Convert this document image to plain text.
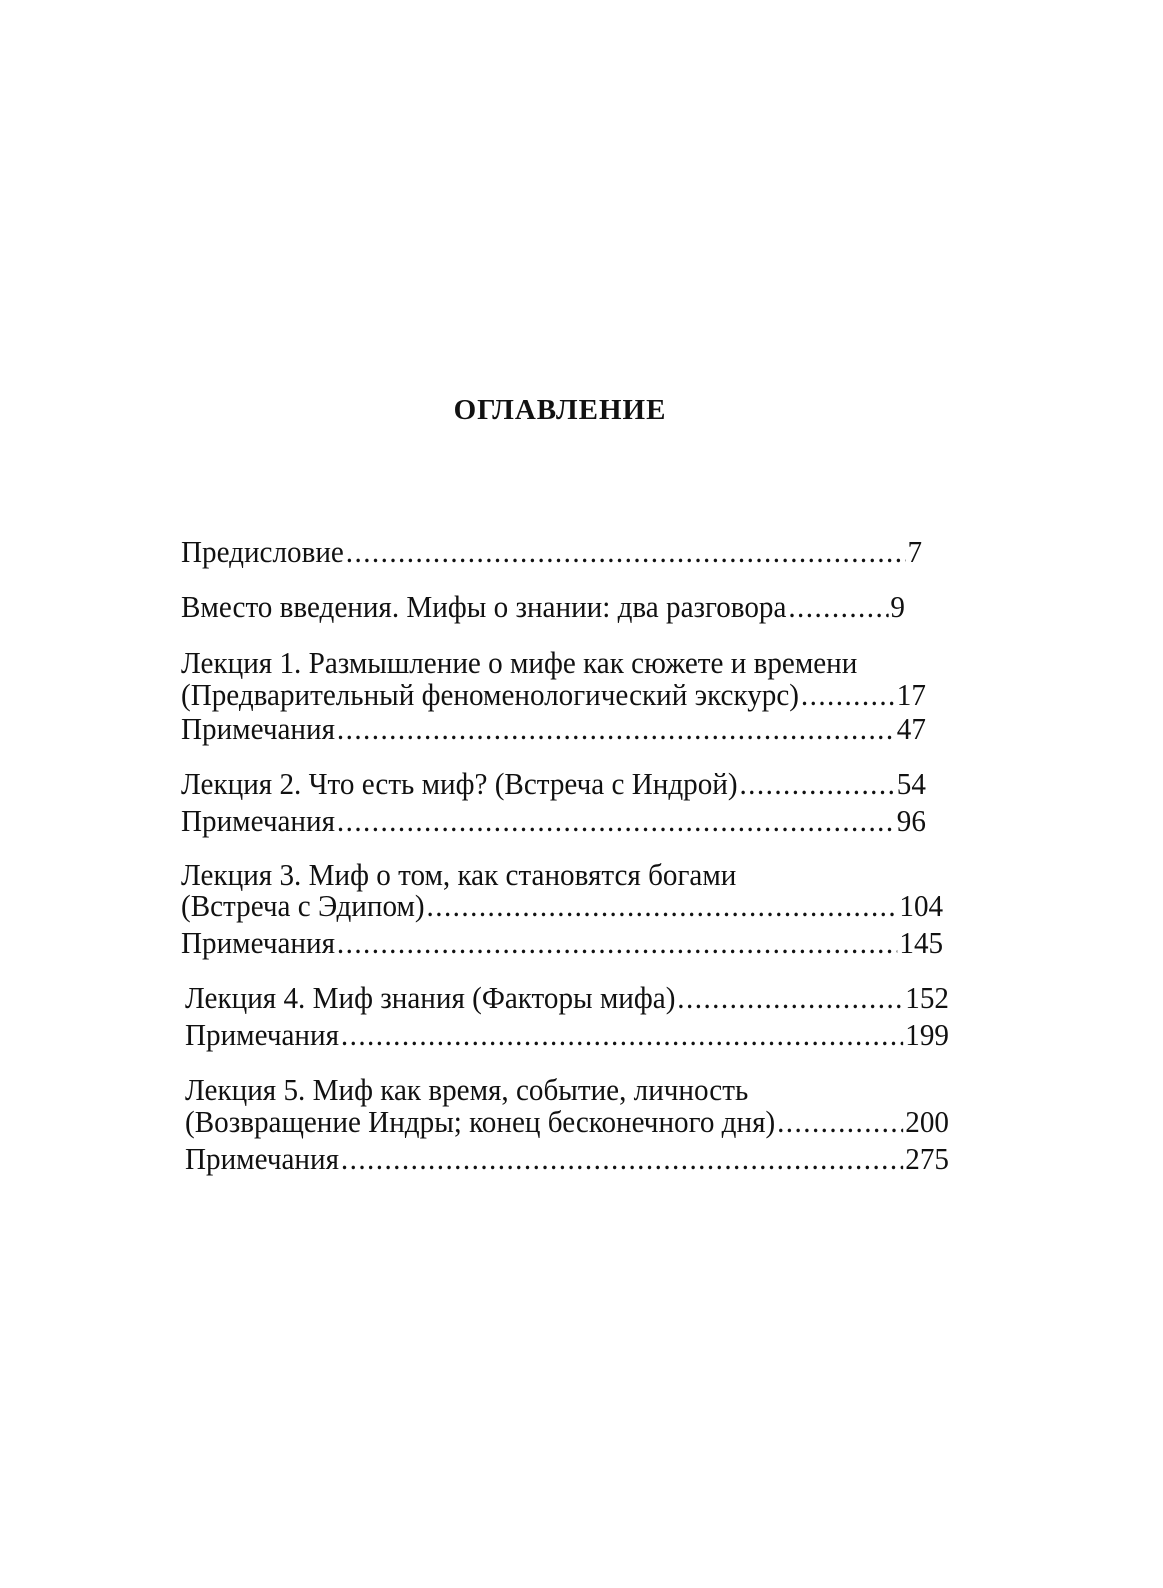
ОГЛАВЛЕНИЕ
Предисловие .....	7
Вместо введения. Мифы о знании: два разговора .....	9
Лекция 1. Размышление о мифе как сюжете и времени
(Предварительный феноменологический экскурс) .....	17
Примечания .....	47
Лекция 2. Что есть миф? (Встреча с Индрой) .....	54
Примечания .....	96
Лекция 3. Миф о том, как становятся богами
(Встреча с Эдипом) .....	104
Примечания .....	145
Лекция 4. Миф знания (Факторы мифа) .....	152
Примечания .....	199
Лекция 5. Миф как время, событие, личность
(Возвращение Индры; конец бесконечного дня) .....	200
Примечания .....	275
